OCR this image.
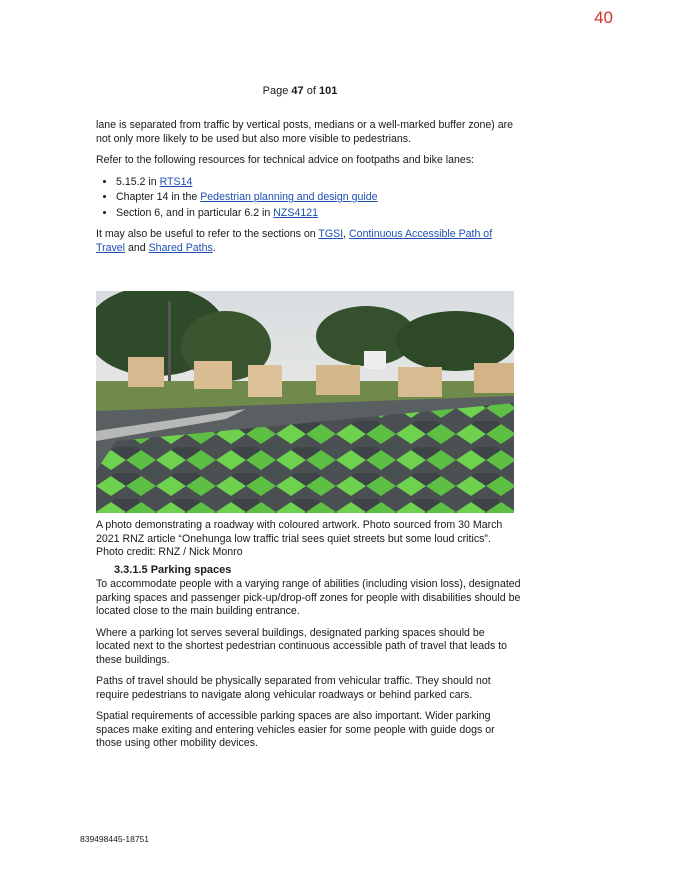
40
Page 47 of 101

lane is separated from traffic by vertical posts, medians or a well-marked buffer zone) are not only more likely to be used but also more visible to pedestrians.

Refer to the following resources for technical advice on footpaths and bike lanes:

• 5.15.2 in RTS14
• Chapter 14 in the Pedestrian planning and design guide
• Section 6, and in particular 6.2 in NZS4121

It may also be useful to refer to the sections on TGSI, Continuous Accessible Path of Travel and Shared Paths.

A photo demonstrating a roadway with coloured artwork. Photo sourced from 30 March 2021 RNZ article “Onehunga low traffic trial sees quiet streets but some loud critics”. Photo credit: RNZ / Nick Monro

3.3.1.5 Parking spaces

To accommodate people with a varying range of abilities (including vision loss), designated parking spaces and passenger pick-up/drop-off zones for people with disabilities should be located close to the main building entrance.

Where a parking lot serves several buildings, designated parking spaces should be located next to the shortest pedestrian continuous accessible path of travel that leads to these buildings.

Paths of travel should be physically separated from vehicular traffic. They should not require pedestrians to navigate along vehicular roadways or behind parked cars.

Spatial requirements of accessible parking spaces are also important. Wider parking spaces make exiting and entering vehicles easier for some people with guide dogs or those using other mobility devices.

839498445-18751
